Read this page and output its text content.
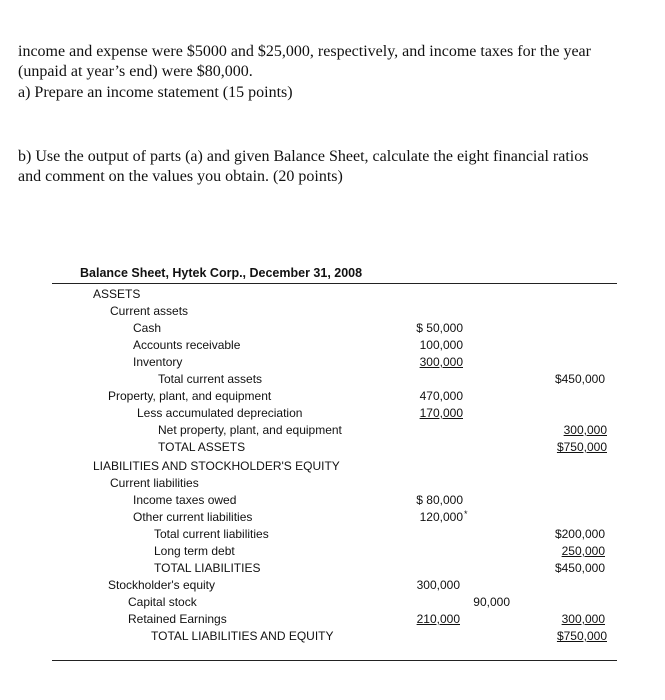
income and expense were $5000 and $25,000, respectively, and income taxes for the year
(unpaid at year’s end) were $80,000.
a) Prepare an income statement (15 points)
b) Use the output of parts (a) and given Balance Sheet, calculate the eight financial ratios
and comment on the values you obtain. (20 points)
Balance Sheet, Hytek Corp., December 31, 2008
ASSETS
Current assets
Cash	$ 50,000
Accounts receivable	100,000
Inventory	300,000
Total current assets	$450,000
Property, plant, and equipment	470,000
Less accumulated depreciation	170,000
Net property, plant, and equipment	300,000
TOTAL ASSETS	$750,000
LIABILITIES AND STOCKHOLDER'S EQUITY
Current liabilities
Income taxes owed	$ 80,000
Other current liabilities	120,000 *
Total current liabilities	$200,000
Long term debt	250,000
TOTAL LIABILITIES	$450,000
Stockholder's equity	300,000
Capital stock	90,000
Retained Earnings	210,000	300,000
TOTAL LIABILITIES AND EQUITY	$750,000
